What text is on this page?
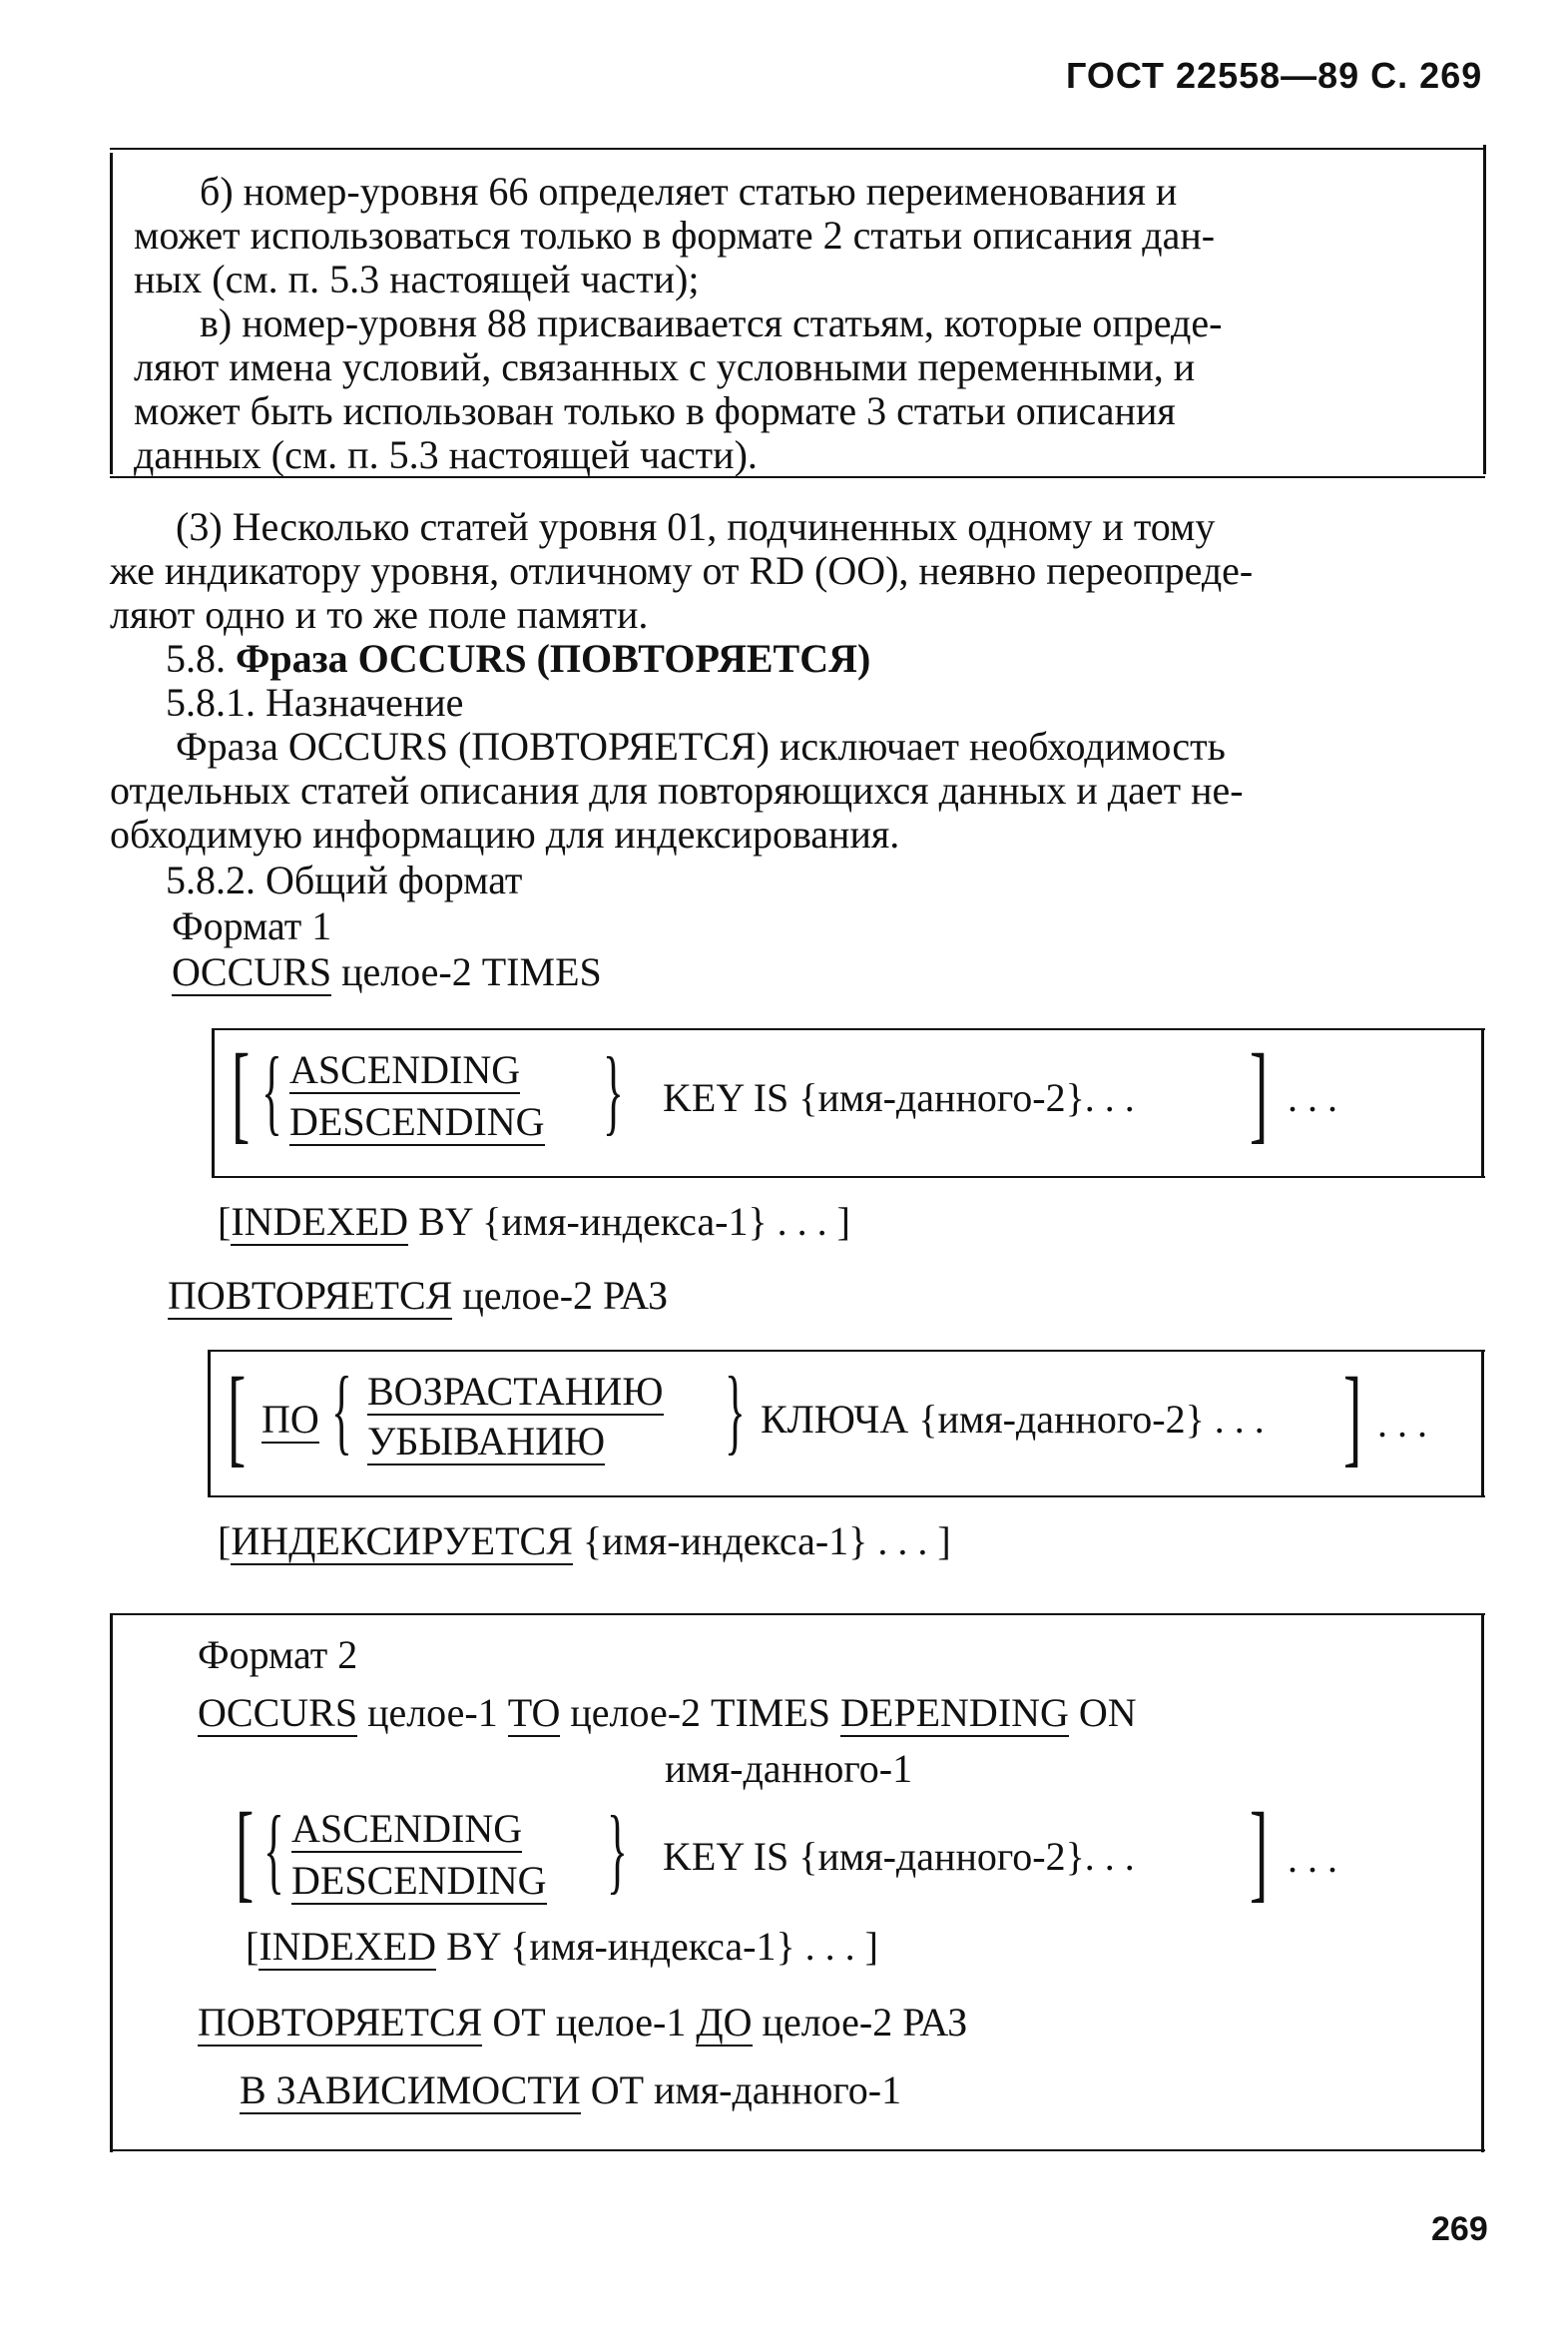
ГОСТ 22558—89 С. 269
б) номер-уровня 66 определяет статью переименования и
может использоваться только в формате 2 статьи описания дан-
ных (см. п. 5.3 настоящей части);
в) номер-уровня 88 присваивается статьям, которые опреде-
ляют имена условий, связанных с условными переменными, и
может быть использован только в формате 3 статьи описания
данных (см. п. 5.3 настоящей части).
(3) Несколько статей уровня 01, подчиненных одному и тому
же индикатору уровня, отличному от RD (OO), неявно переопреде-
ляют одно и то же поле памяти.
5.8. Фраза OCCURS (ПОВТОРЯЕТСЯ)
5.8.1. Назначение
Фраза OCCURS (ПОВТОРЯЕТСЯ) исключает необходимость
отдельных статей описания для повторяющихся данных и дает не-
обходимую информацию для индексирования.
5.8.2. Общий формат
Формат 1
OCCURS целое-2 TIMES
[ { ASCENDING
DESCENDING } KEY IS {имя-данного-2}. . . ] . . .
[INDEXED BY {имя-индекса-1} . . . ]
ПОВТОРЯЕТСЯ целое-2 РАЗ
[ ПО { ВОЗРАСТАНИЮ
УБЫВАНИЮ } КЛЮЧА {имя-данного-2} . . . ] . . .
[ИНДЕКСИРУЕТСЯ {имя-индекса-1} . . . ]
Формат 2
OCCURS целое-1 TO целое-2 TIMES DEPENDING ON
имя-данного-1
[ { ASCENDING
DESCENDING } KEY IS {имя-данного-2}. . . ] . . .
[INDEXED BY {имя-индекса-1} . . . ]
ПОВТОРЯЕТСЯ ОТ целое-1 ДО целое-2 РАЗ
В ЗАВИСИМОСТИ ОТ имя-данного-1
269
